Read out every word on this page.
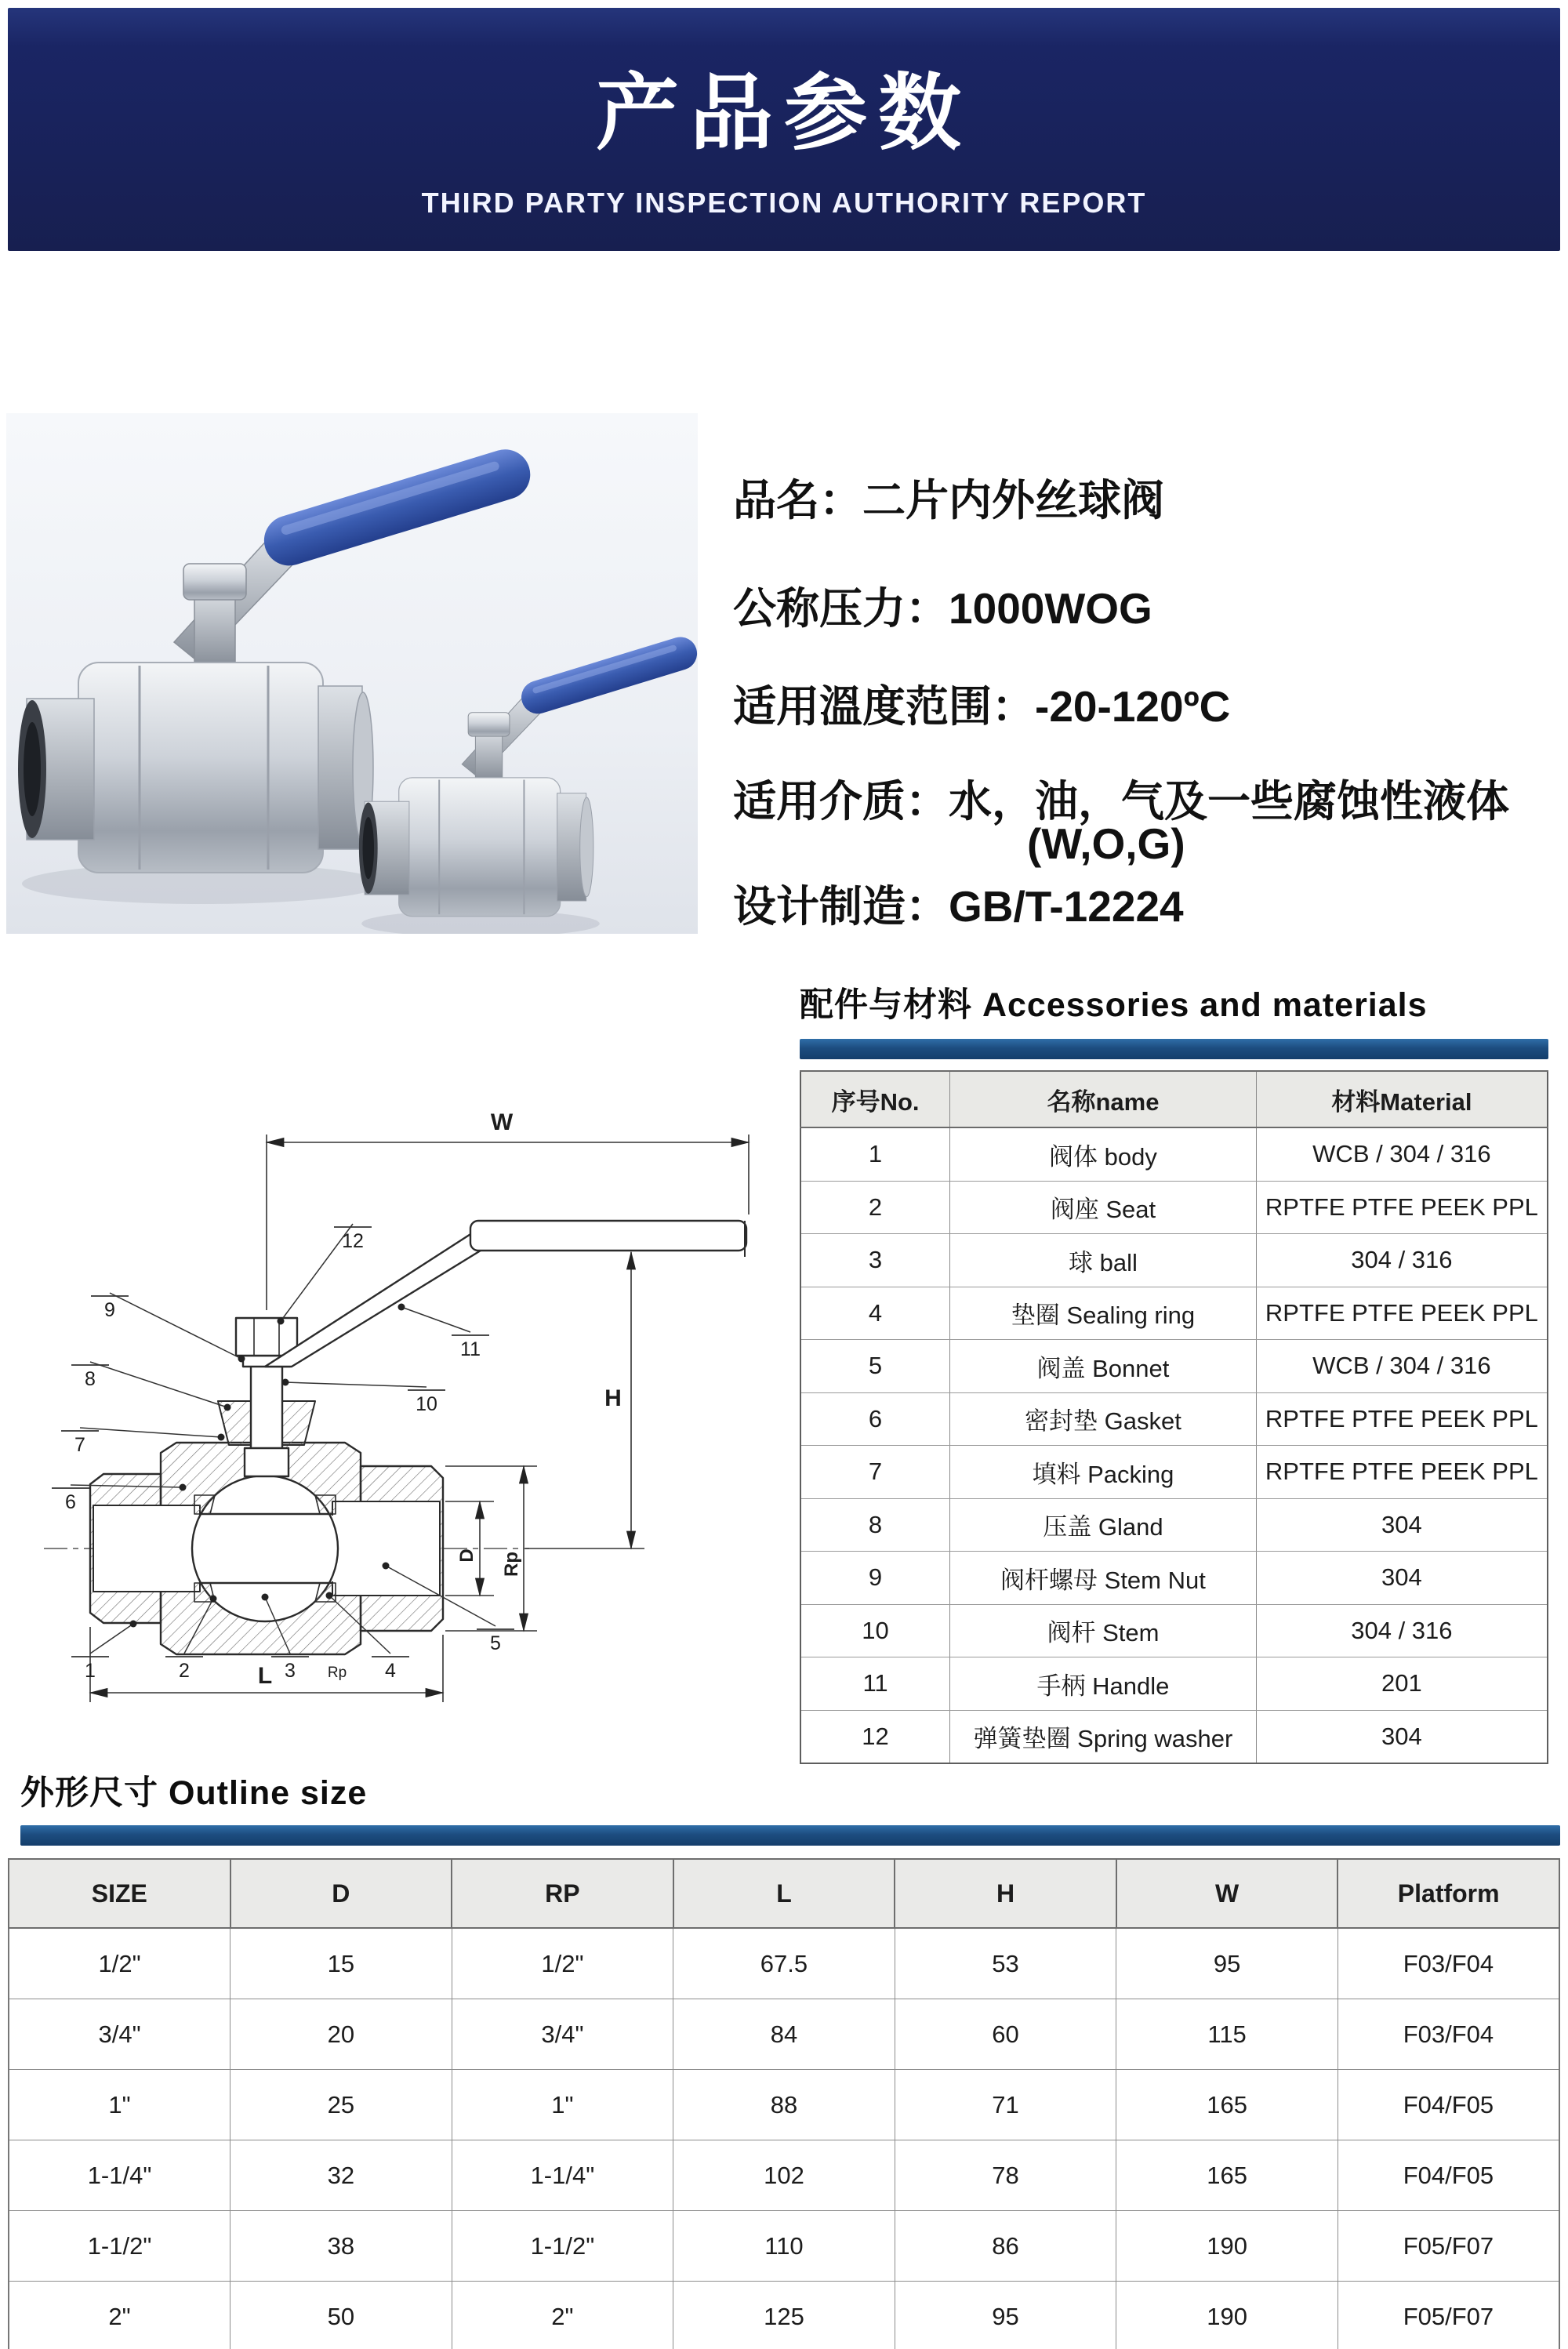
产品参数
THIRD PARTY INSPECTION AUTHORITY REPORT
品名：二片内外丝球阀
公称压力：1000WOG
适用溫度范围：-20-120ºC
适用介质：水，油，气及一些腐蚀性液体
(W,O,G)
设计制造：GB/T-12224
W
H
L
D Rp
Rp
1	2	3	4
5
6
7
8
9
10
11
12
配件与材料 Accessories and materials
序号No.	名称name	材料Material
1	阀体 body	WCB / 304 / 316
2	阀座 Seat	RPTFE PTFE PEEK PPL
3	球 ball	304 / 316
4	垫圈 Sealing ring	RPTFE PTFE PEEK PPL
5	阀盖 Bonnet	WCB / 304 / 316
6	密封垫 Gasket	RPTFE PTFE PEEK PPL
7	填料 Packing	RPTFE PTFE PEEK PPL
8	压盖 Gland	304
9	阀杆螺母 Stem Nut	304
10	阀杆 Stem	304 / 316
11	手柄 Handle	201
12	弹簧垫圈 Spring washer	304
外形尺寸 Outline size
SIZE	D	RP	L	H	W	Platform
1/2"	15	1/2"	67.5	53	95	F03/F04
3/4"	20	3/4"	84	60	115	F03/F04
1"	25	1"	88	71	165	F04/F05
1-1/4"	32	1-1/4"	102	78	165	F04/F05
1-1/2"	38	1-1/2"	110	86	190	F05/F07
2"	50	2"	125	95	190	F05/F07
